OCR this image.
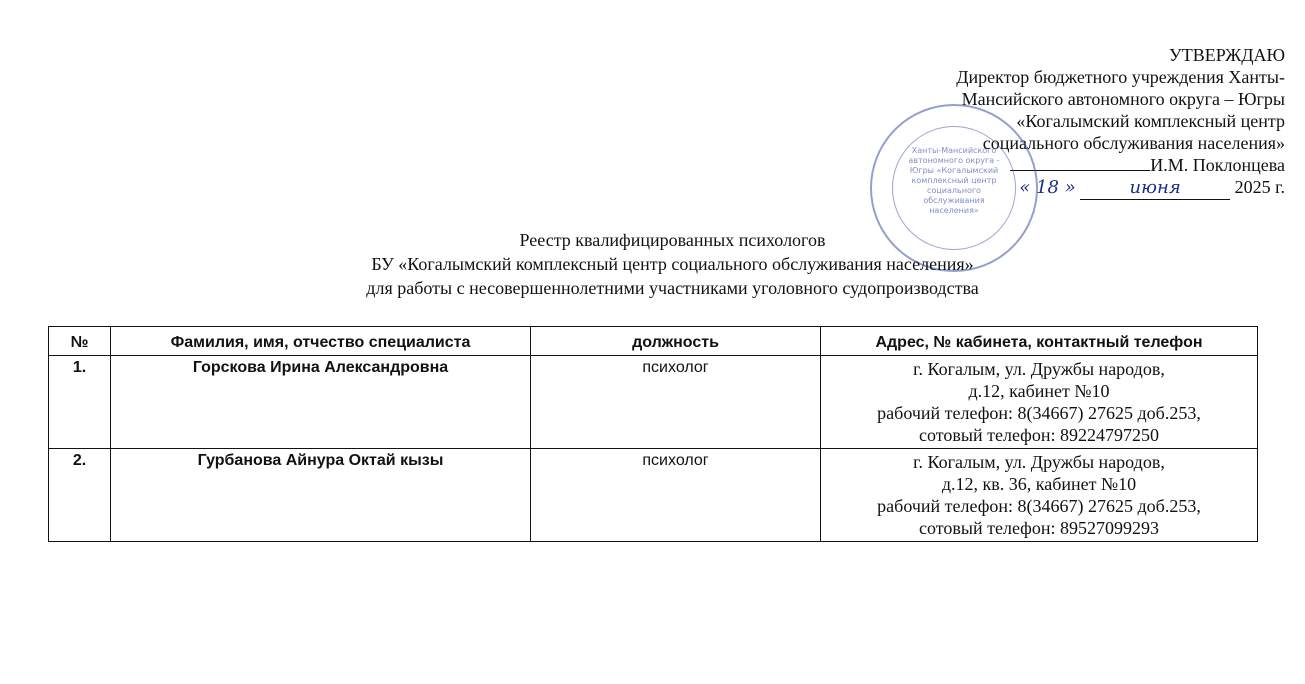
УТВЕРЖДАЮ
Директор бюджетного учреждения Ханты-
Мансийского автономного округа – Югры
«Когалымский комплексный центр
социального обслуживания населения»
И.М. Поклонцева
« 18 »	июня	2025 г.
Ханты-Мансийского автономного округа - Югры «Когалымский комплексный центр социального обслуживания населения»
Реестр квалифицированных психологов
БУ «Когалымский комплексный центр социального обслуживания населения»
для работы с несовершеннолетними участниками уголовного судопроизводства
№	Фамилия, имя, отчество специалиста	должность	Адрес, № кабинета, контактный телефон
1.	Горскова Ирина Александровна	психолог	г. Когалым, ул. Дружбы народов,
д.12, кабинет №10
рабочий телефон: 8(34667) 27625 доб.253,
сотовый телефон: 89224797250

2.	Гурбанова Айнура Октай кызы	психолог	г. Когалым, ул. Дружбы народов,
д.12, кв. 36, кабинет №10
рабочий телефон: 8(34667) 27625 доб.253,
сотовый телефон: 89527099293
